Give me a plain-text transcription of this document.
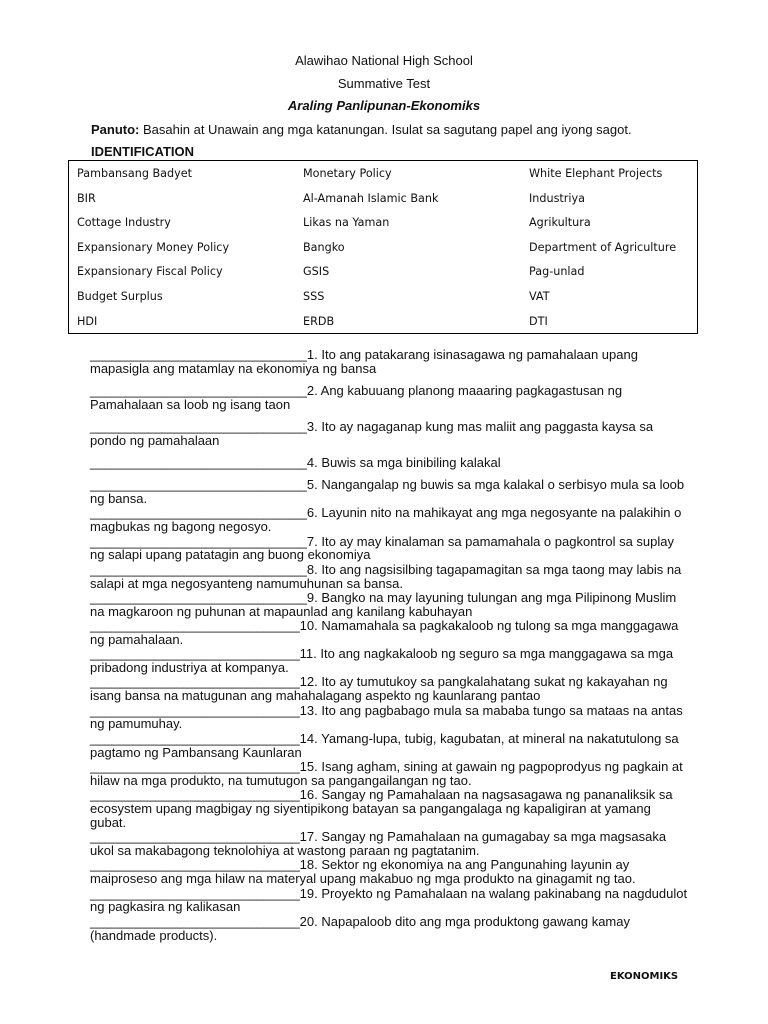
Alawihao National High School
Summative Test
Araling Panlipunan-Ekonomiks
Panuto: Basahin at Unawain ang mga katanungan. Isulat sa sagutang papel ang iyong sagot.
IDENTIFICATION
Pambansang Badyet
BIR
Cottage Industry
Expansionary Money Policy
Expansionary Fiscal Policy
Budget Surplus
HDI
Monetary Policy
Al-Amanah Islamic Bank
Likas na Yaman
Bangko
GSIS
SSS
ERDB
White Elephant Projects
Industriya
Agrikultura
Department of Agriculture
Pag-unlad
VAT
DTI
______________________________1. Ito ang patakarang isinasagawa ng pamahalaan upang mapasigla ang matamlay na ekonomiya ng bansa
______________________________2. Ang kabuuang planong maaaring pagkagastusan ng Pamahalaan sa loob ng isang taon
______________________________3. Ito ay nagaganap kung mas maliit ang paggasta kaysa sa pondo ng pamahalaan
______________________________4. Buwis sa mga binibiling kalakal
______________________________5. Nangangalap ng buwis sa mga kalakal o serbisyo mula sa loob ng bansa.
______________________________6. Layunin nito na mahikayat ang mga negosyante na palakihin o magbukas ng bagong negosyo.
______________________________7. Ito ay may kinalaman sa pamamahala o pagkontrol sa suplay ng salapi upang patatagin ang buong ekonomiya
______________________________8. Ito ang nagsisilbing tagapamagitan sa mga taong may labis na salapi at mga negosyanteng namumuhunan sa bansa.
______________________________9. Bangko na may layuning tulungan ang mga Pilipinong Muslim na magkaroon ng puhunan at mapaunlad ang kanilang kabuhayan
_____________________________10. Namamahala sa pagkakaloob ng tulong sa mga manggagawa ng pamahalaan.
_____________________________11. Ito ang nagkakaloob ng seguro sa mga manggagawa sa mga pribadong industriya at kompanya.
_____________________________12. Ito ay tumutukoy sa pangkalahatang sukat ng kakayahan ng isang bansa na matugunan ang mahahalagang aspekto ng kaunlarang pantao
_____________________________13. Ito ang pagbabago mula sa mababa tungo sa mataas na antas ng pamumuhay.
_____________________________14. Yamang-lupa, tubig, kagubatan, at mineral na nakatutulong sa pagtamo ng Pambansang Kaunlaran
_____________________________15. Isang agham, sining at gawain ng pagpoprodyus ng pagkain at hilaw na mga produkto, na tumutugon sa pangangailangan ng tao.
_____________________________16. Sangay ng Pamahalaan na nagsasagawa ng pananaliksik sa ecosystem upang magbigay ng siyentipikong batayan sa pangangalaga ng kapaligiran at yamang gubat.
_____________________________17. Sangay ng Pamahalaan na gumagabay sa mga magsasaka ukol sa makabagong teknolohiya at wastong paraan ng pagtatanim.
_____________________________18. Sektor ng ekonomiya na ang Pangunahing layunin ay maiproseso ang mga hilaw na materyal upang makabuo ng mga produkto na ginagamit ng tao.
_____________________________19. Proyekto ng Pamahalaan na walang pakinabang na nagdudulot ng pagkasira ng kalikasan
_____________________________20. Napapaloob dito ang mga produktong gawang kamay (handmade products).
EKONOMIKS
